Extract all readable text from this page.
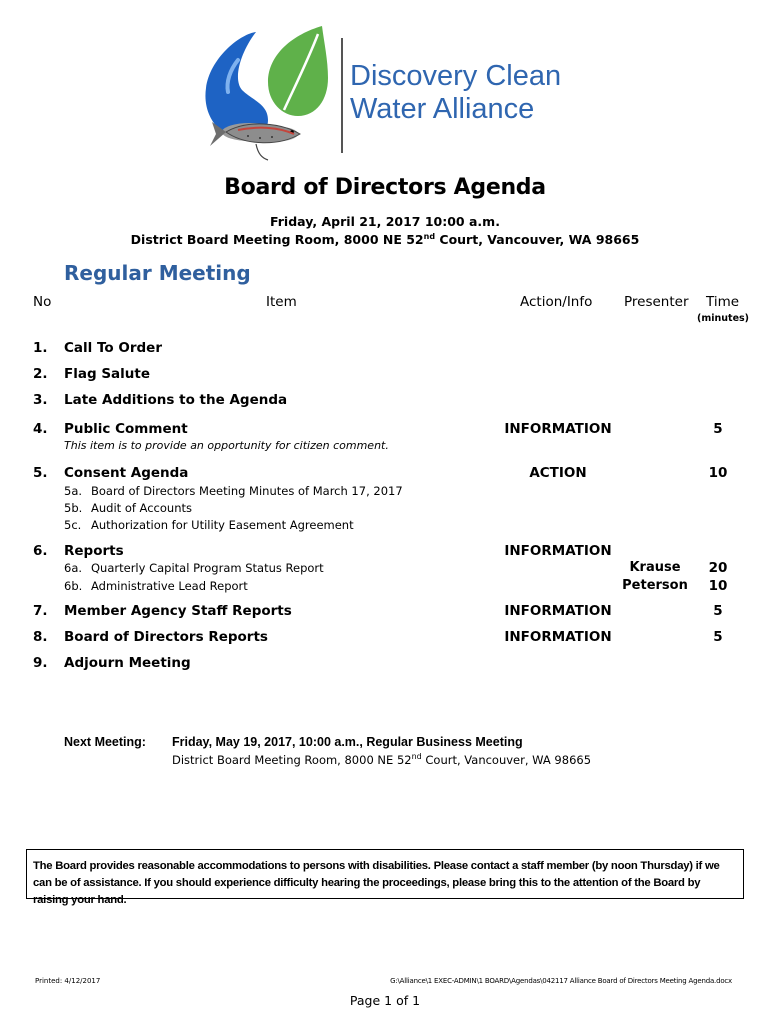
Discovery Clean
Water Alliance
Board of Directors Agenda
Friday, April 21, 2017 10:00 a.m.
District Board Meeting Room, 8000 NE 52nd Court, Vancouver, WA 98665
Regular Meeting
No	Item	Action/Info Presenter Time
(minutes)
1. Call To Order
2. Flag Salute
3. Late Additions to the Agenda
4. Public Comment	INFORMATION	5
This item is to provide an opportunity for citizen comment.
5. Consent Agenda	ACTION	10
5a. Board of Directors Meeting Minutes of March 17, 2017
5b. Audit of Accounts
5c. Authorization for Utility Easement Agreement
6. Reports	INFORMATION
6a. Quarterly Capital Program Status Report	Krause	20
6b. Administrative Lead Report	Peterson	10
7. Member Agency Staff Reports	INFORMATION	5
8. Board of Directors Reports	INFORMATION	5
9. Adjourn Meeting
Next Meeting: Friday, May 19, 2017, 10:00 a.m., Regular Business Meeting
District Board Meeting Room, 8000 NE 52nd Court, Vancouver, WA 98665
The Board provides reasonable accommodations to persons with disabilities. Please contact a staff member (by noon Thursday) if we can be of assistance. If you should experience difficulty hearing the proceedings, please bring this to the attention of the Board by raising your hand.
Printed: 4/12/2017	G:\Alliance\1 EXEC-ADMIN\1 BOARD\Agendas\042117 Alliance Board of Directors Meeting Agenda.docx
Page 1 of 1
